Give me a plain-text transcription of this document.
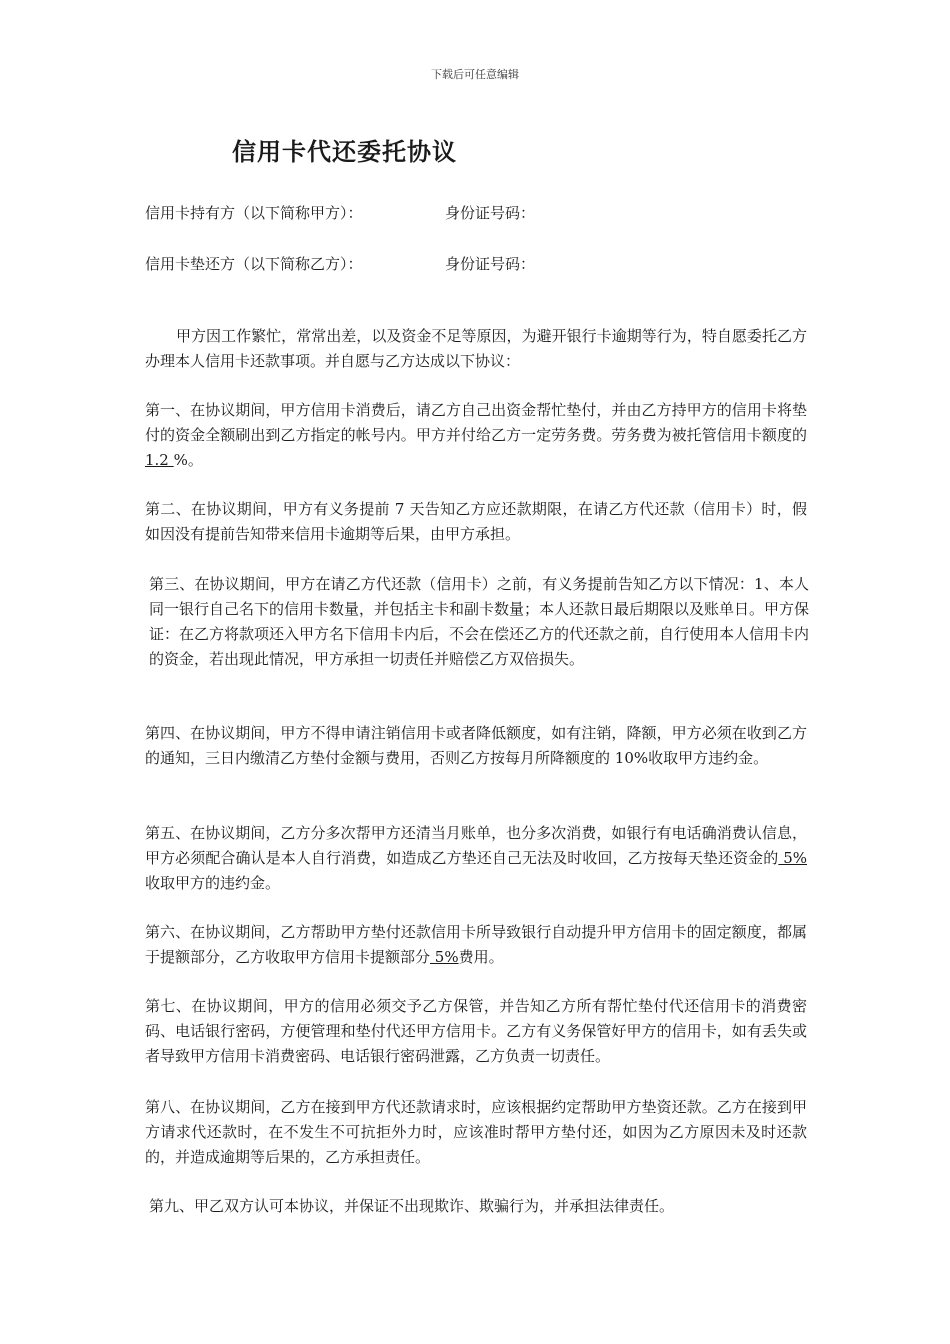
下载后可任意编辑
信用卡代还委托协议
信用卡持有方（以下简称甲方）：	身份证号码：
信用卡垫还方（以下简称乙方）：	身份证号码：

甲方因工作繁忙，常常出差，以及资金不足等原因，为避开银行卡逾期等行为，特自愿委托乙方办理本人信用卡还款事项。并自愿与乙方达成以下协议：

第一、在协议期间，甲方信用卡消费后，请乙方自己出资金帮忙垫付，并由乙方持甲方的信用卡将垫付的资金全额刷出到乙方指定的帐号内。甲方并付给乙方一定劳务费。劳务费为被托管信用卡额度的 1.2 %。

第二、在协议期间，甲方有义务提前 7 天告知乙方应还款期限，在请乙方代还款（信用卡）时，假如因没有提前告知带来信用卡逾期等后果，由甲方承担。

第三、在协议期间，甲方在请乙方代还款（信用卡）之前，有义务提前告知乙方以下情况：1、本人同一银行自己名下的信用卡数量，并包括主卡和副卡数量；本人还款日最后期限以及账单日。甲方保证：在乙方将款项还入甲方名下信用卡内后，不会在偿还乙方的代还款之前，自行使用本人信用卡内的资金，若出现此情况，甲方承担一切责任并赔偿乙方双倍损失。

第四、在协议期间，甲方不得申请注销信用卡或者降低额度，如有注销，降额，甲方必须在收到乙方的通知，三日内缴清乙方垫付金额与费用，否则乙方按每月所降额度的 10%收取甲方违约金。

第五、在协议期间，乙方分多次帮甲方还清当月账单，也分多次消费，如银行有电话确消费认信息，甲方必须配合确认是本人自行消费，如造成乙方垫还自己无法及时收回，乙方按每天垫还资金的 5%收取甲方的违约金。

第六、在协议期间，乙方帮助甲方垫付还款信用卡所导致银行自动提升甲方信用卡的固定额度，都属于提额部分，乙方收取甲方信用卡提额部分 5%费用。

第七、在协议期间，甲方的信用必须交予乙方保管，并告知乙方所有帮忙垫付代还信用卡的消费密码、电话银行密码，方便管理和垫付代还甲方信用卡。乙方有义务保管好甲方的信用卡，如有丢失或者导致甲方信用卡消费密码、电话银行密码泄露，乙方负责一切责任。

第八、在协议期间，乙方在接到甲方代还款请求时，应该根据约定帮助甲方垫资还款。乙方在接到甲方请求代还款时，在不发生不可抗拒外力时，应该准时帮甲方垫付还，如因为乙方原因未及时还款的，并造成逾期等后果的，乙方承担责任。

第九、甲乙双方认可本协议，并保证不出现欺诈、欺骗行为，并承担法律责任。
